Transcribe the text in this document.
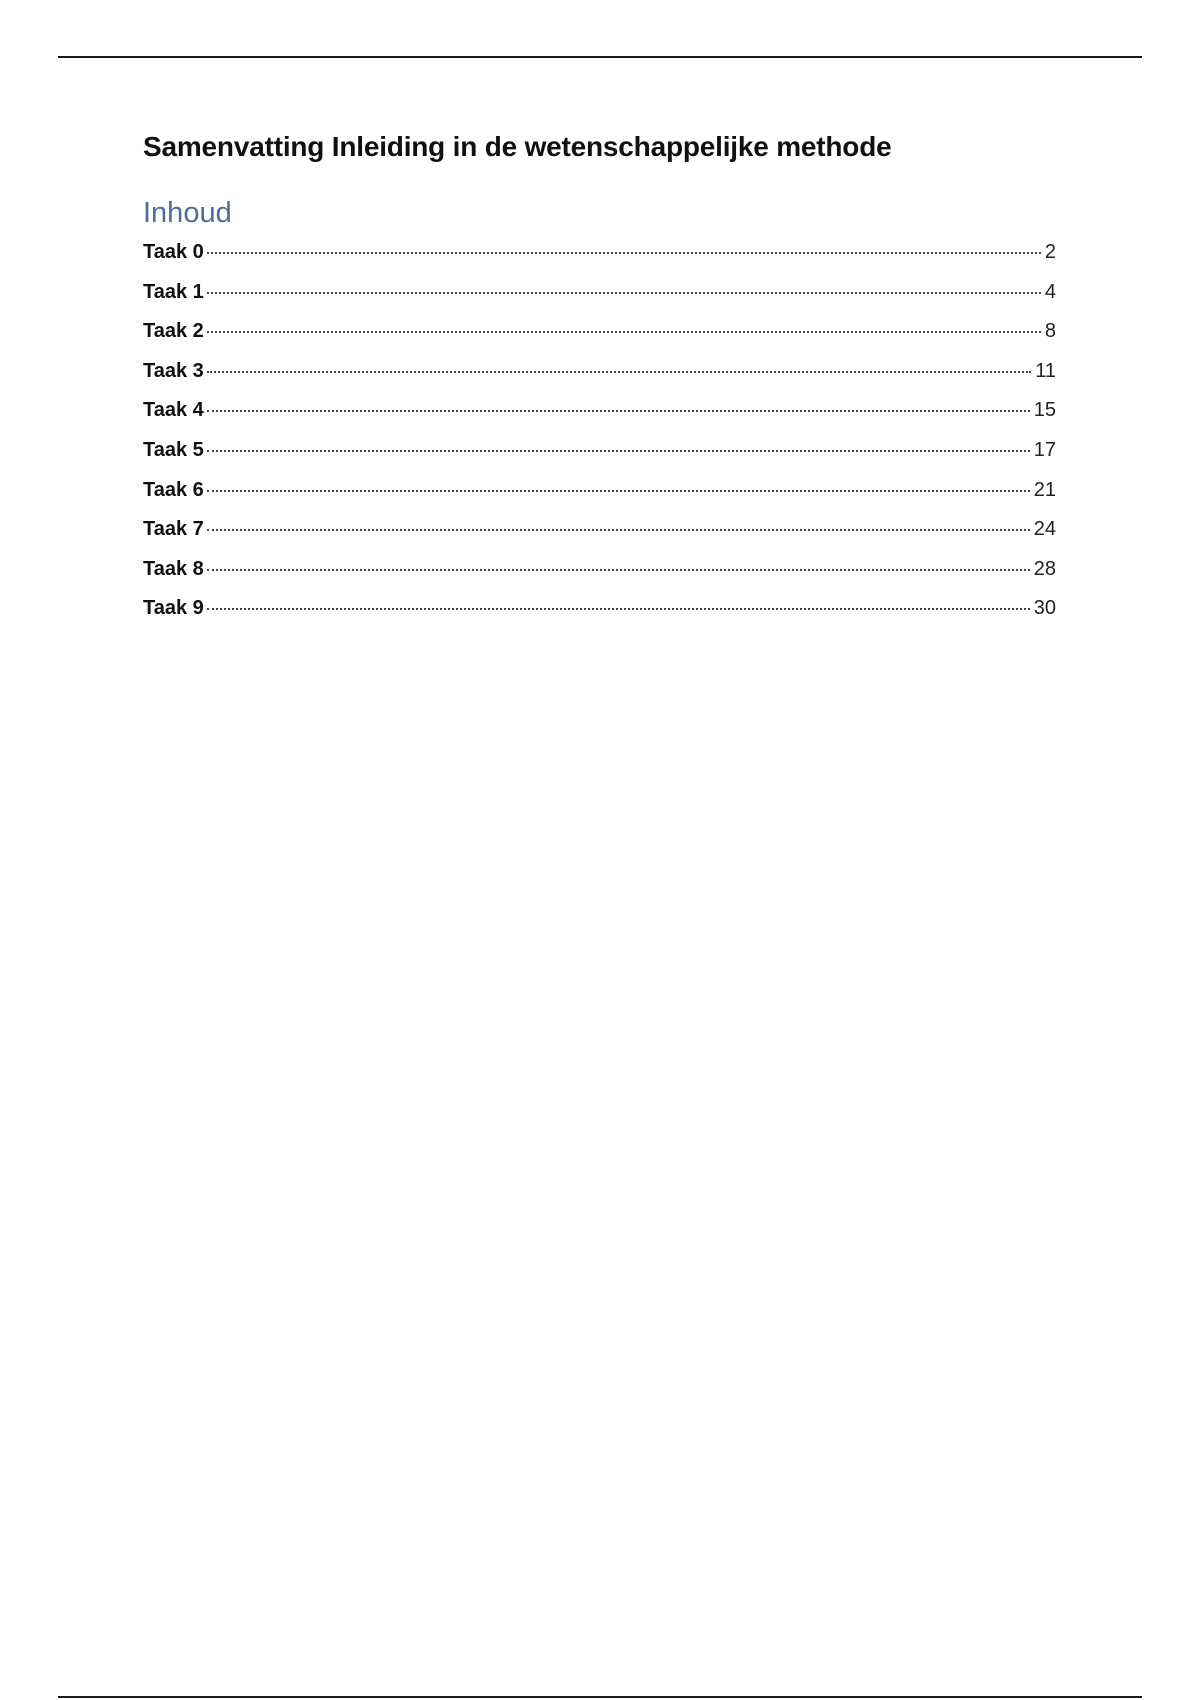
Samenvatting Inleiding in de wetenschappelijke methode
Inhoud
Taak 0	2
Taak 1	4
Taak 2	8
Taak 3	11
Taak 4	15
Taak 5	17
Taak 6	21
Taak 7	24
Taak 8	28
Taak 9	30
